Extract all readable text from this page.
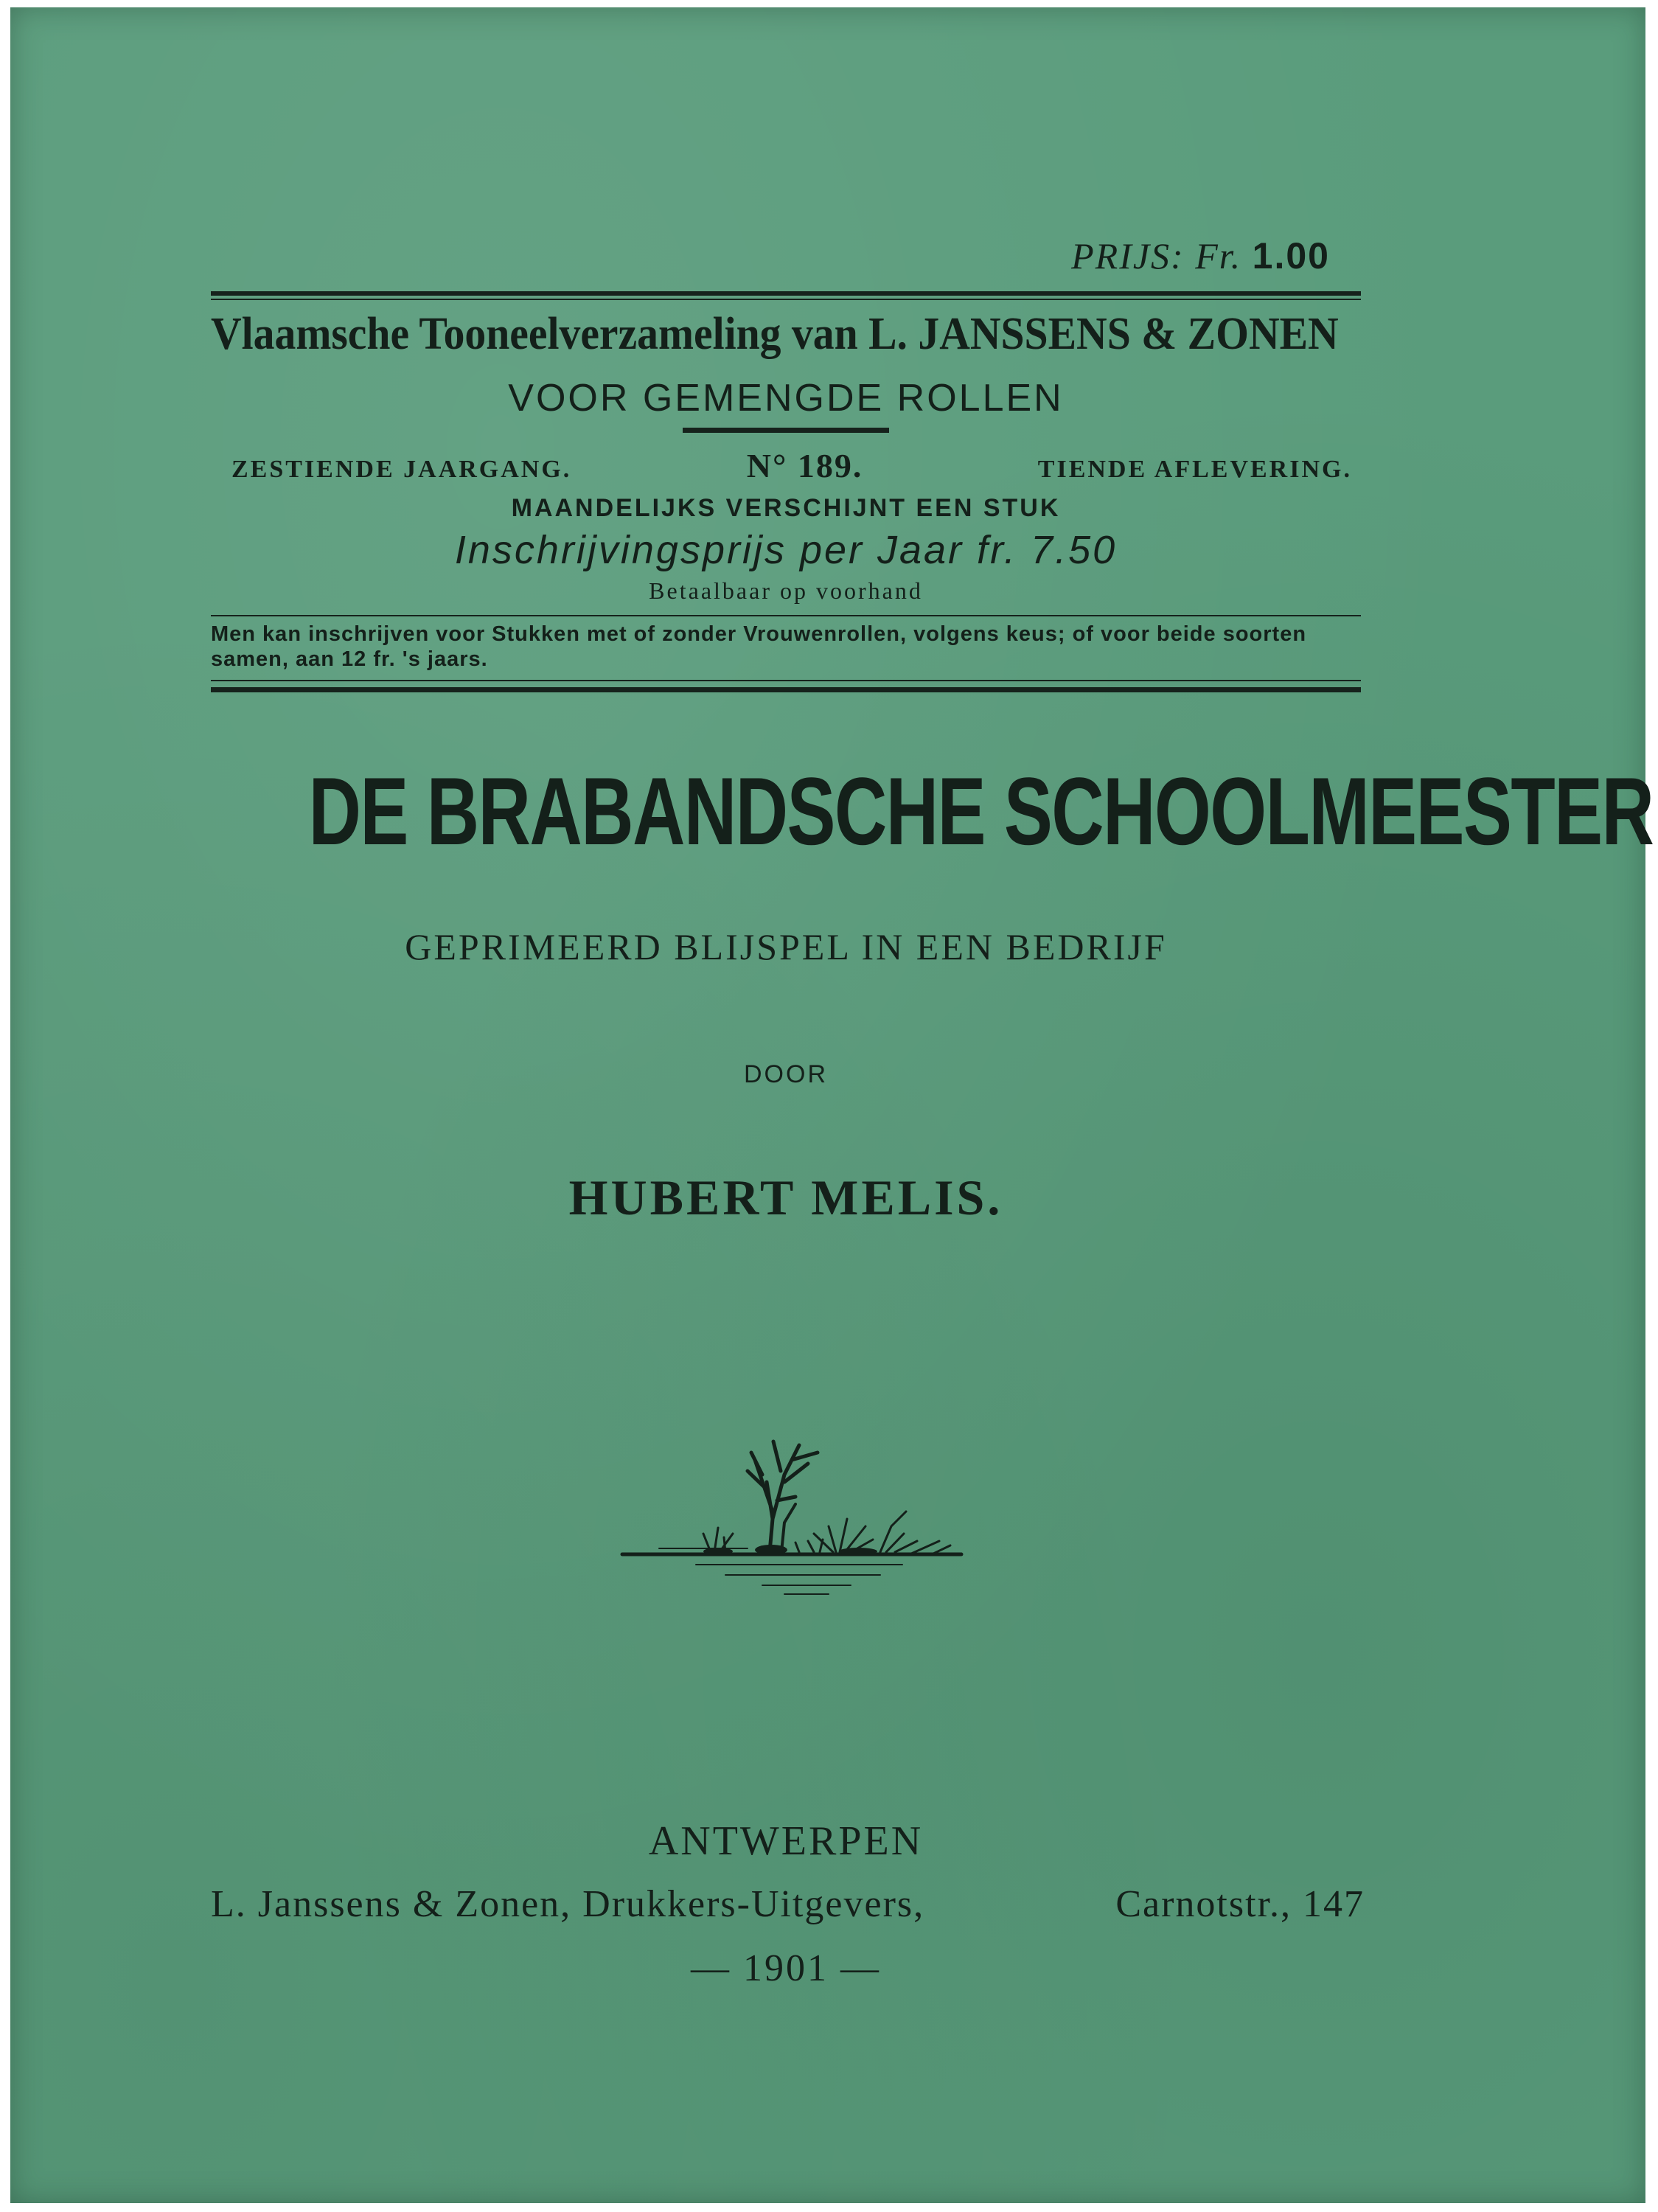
PRIJS: Fr. 1.00
Vlaamsche Tooneelverzameling van L. JANSSENS & ZONEN
VOOR GEMENGDE ROLLEN
ZESTIENDE JAARGANG.	N° 189.	TIENDE AFLEVERING.
MAANDELIJKS VERSCHIJNT EEN STUK
Inschrijvingsprijs per Jaar fr. 7.50
Betaalbaar op voorhand
Men kan inschrijven voor Stukken met of zonder Vrouwenrollen, volgens keus; of voor beide soorten samen, aan 12 fr. 's jaars.
DE BRABANDSCHE SCHOOLMEESTER
GEPRIMEERD BLIJSPEL IN EEN BEDRIJF
DOOR
HUBERT MELIS.
ANTWERPEN
L. Janssens & Zonen, Drukkers-Uitgevers,	Carnotstr., 147
— 1901 —
